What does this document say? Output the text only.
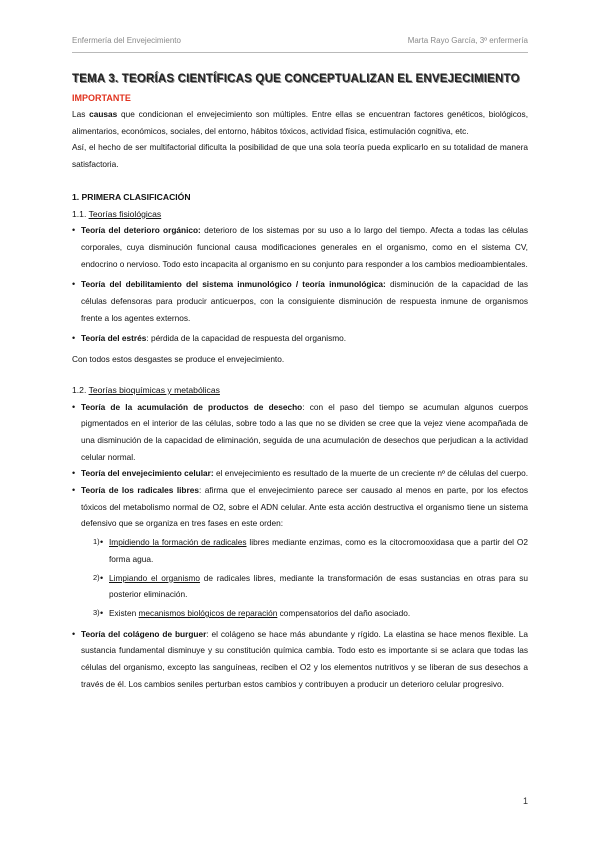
Enfermería del Envejecimiento	Marta Rayo García, 3º enfermería
TEMA 3. TEORÍAS CIENTÍFICAS QUE CONCEPTUALIZAN EL ENVEJECIMIENTO
IMPORTANTE

Las causas que condicionan el envejecimiento son múltiples. Entre ellas se encuentran factores genéticos, biológicos, alimentarios, económicos, sociales, del entorno, hábitos tóxicos, actividad física, estimulación cognitiva, etc.

Así, el hecho de ser multifactorial dificulta la posibilidad de que una sola teoría pueda explicarlo en su totalidad de manera satisfactoria.

1. PRIMERA CLASIFICACIÓN
1.1. Teorías fisiológicas
• Teoría del deterioro orgánico: deterioro de los sistemas por su uso a lo largo del tiempo. Afecta a todas las células corporales, cuya disminución funcional causa modificaciones generales en el organismo, como en el sistema CV, endocrino o nervioso. Todo esto incapacita al organismo en su conjunto para responder a los cambios medioambientales.
• Teoría del debilitamiento del sistema inmunológico / teoría inmunológica: disminución de la capacidad de las células defensoras para producir anticuerpos, con la consiguiente disminución de respuesta inmune de organismos frente a los agentes externos.
• Teoría del estrés: pérdida de la capacidad de respuesta del organismo.

Con todos estos desgastes se produce el envejecimiento.

1.2. Teorías bioquímicas y metabólicas
• Teoría de la acumulación de productos de desecho: con el paso del tiempo se acumulan algunos cuerpos pigmentados en el interior de las células, sobre todo a las que no se dividen se cree que la vejez viene acompañada de una disminución de la capacidad de eliminación, seguida de una acumulación de desechos que perjudican a la actividad celular normal.
• Teoría del envejecimiento celular: el envejecimiento es resultado de la muerte de un creciente nº de células del cuerpo.
• Teoría de los radicales libres: afirma que el envejecimiento parece ser causado al menos en parte, por los efectos tóxicos del metabolismo normal de O2, sobre el ADN celular. Ante esta acción destructiva el organismo tiene un sistema defensivo que se organiza en tres fases en este orden:
• 1) Impidiendo la formación de radicales libres mediante enzimas, como es la citocromooxidasa que a partir del O2 forma agua.
• 2) Limpiando el organismo de radicales libres, mediante la transformación de esas sustancias en otras para su posterior eliminación.
• 3) Existen mecanismos biológicos de reparación compensatorios del daño asociado.
• Teoría del colágeno de burguer: el colágeno se hace más abundante y rígido. La elastina se hace menos flexible. La sustancia fundamental disminuye y su constitución química cambia. Todo esto es importante si se aclara que todas las células del organismo, excepto las sanguíneas, reciben el O2 y los elementos nutritivos y se liberan de sus desechos a través de él. Los cambios seniles perturban estos cambios y contribuyen a producir un deterioro celular progresivo.
1
